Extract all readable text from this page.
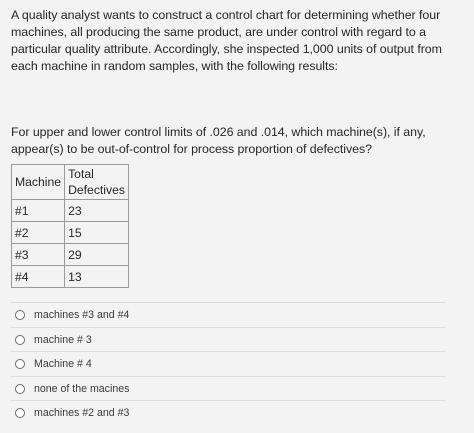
A quality analyst wants to construct a control chart for determining whether four machines, all producing the same product, are under control with regard to a particular quality attribute. Accordingly, she inspected 1,000 units of output from each machine in random samples, with the following results:

For upper and lower control limits of .026 and .014, which machine(s), if any, appear(s) to be out-of-control for process proportion of defectives?

Machine	Total Defectives
#1	23
#2	15
#3	29
#4	13
machines #3 and #4
machine # 3
Machine # 4
none of the macines
machines #2 and #3
